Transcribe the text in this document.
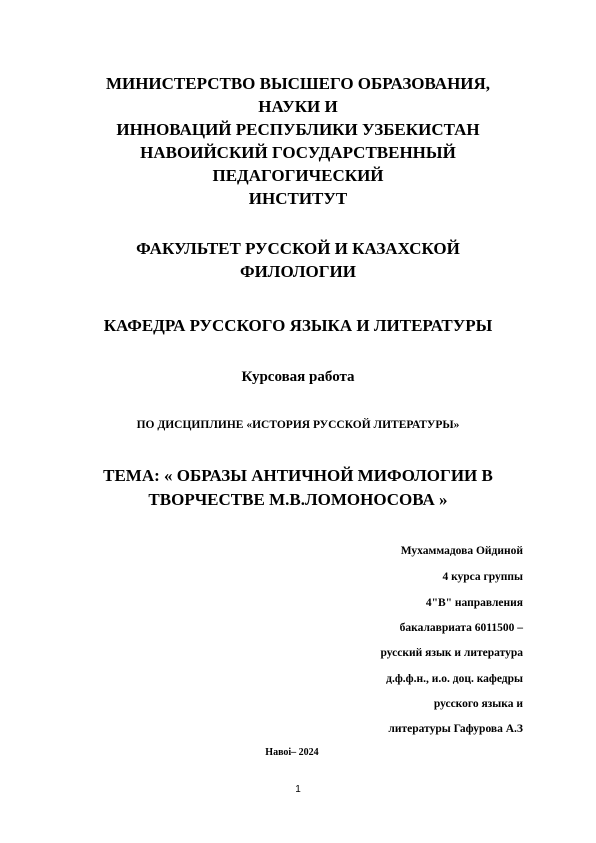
МИНИСТЕРСТВО ВЫСШЕГО ОБРАЗОВАНИЯ,
НАУКИ И
ИННОВАЦИЙ РЕСПУБЛИКИ УЗБЕКИСТАН
НАВОИЙСКИЙ ГОСУДАРСТВЕННЫЙ
ПЕДАГОГИЧЕСКИЙ
ИНСТИТУТ
ФАКУЛЬТЕТ РУССКОЙ И КАЗАХСКОЙ
ФИЛОЛОГИИ
КАФЕДРА РУССКОГО ЯЗЫКА И ЛИТЕРАТУРЫ
Курсовая работа
ПО ДИСЦИПЛИНЕ «ИСТОРИЯ РУССКОЙ ЛИТЕРАТУРЫ»
ТЕМА: « ОБРАЗЫ АНТИЧНОЙ МИФОЛОГИИ В
ТВОРЧЕСТВЕ М.В.ЛОМОНОСОВА »
Мухаммадова Ойдиной
4 курса группы
4"В" направления
бакалавриата 6011500 –
русский язык и литература
д.ф.ф.н., и.о. доц. кафедры
русского языка и
литературы Гафурова А.З
Навоі– 2024
1
